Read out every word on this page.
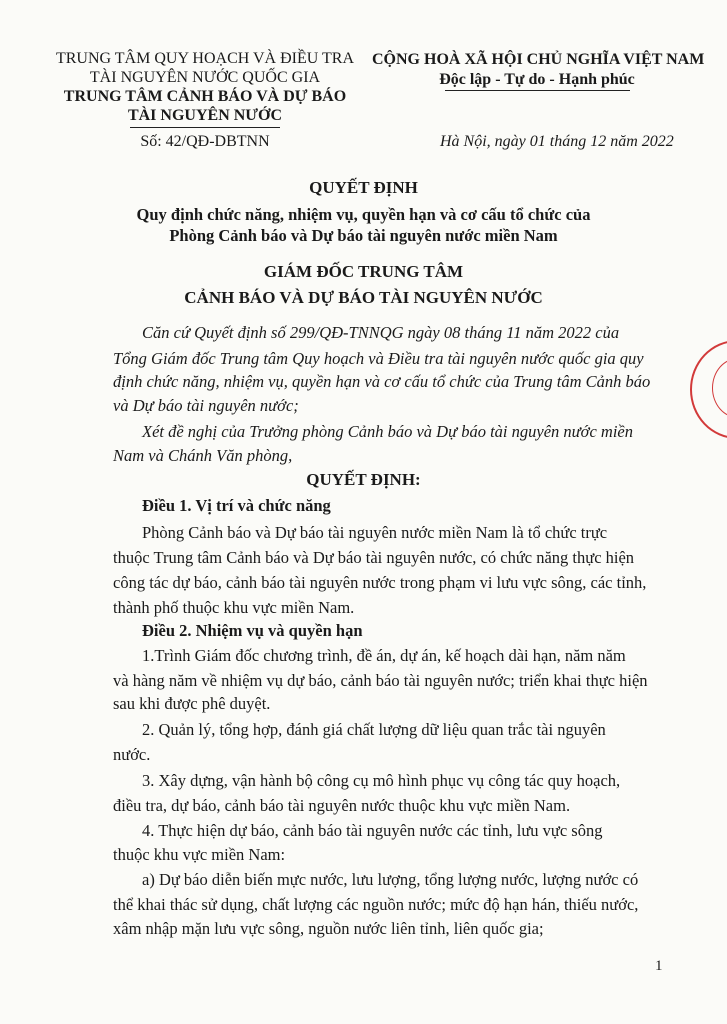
TRUNG TÂM QUY HOẠCH VÀ ĐIỀU TRA
TÀI NGUYÊN NƯỚC QUỐC GIA
TRUNG TÂM CẢNH BÁO VÀ DỰ BÁO
TÀI NGUYÊN NƯỚC
Số: 42/QĐ-DBTNN
CỘNG HOÀ XÃ HỘI CHỦ NGHĨA VIỆT NAM
Độc lập - Tự do - Hạnh phúc
Hà Nội, ngày 01 tháng 12 năm 2022
QUYẾT ĐỊNH
Quy định chức năng, nhiệm vụ, quyền hạn và cơ cấu tổ chức của
Phòng Cảnh báo và Dự báo tài nguyên nước miền Nam
GIÁM ĐỐC TRUNG TÂM
CẢNH BÁO VÀ DỰ BÁO TÀI NGUYÊN NƯỚC
Căn cứ Quyết định số 299/QĐ-TNNQG ngày 08 tháng 11 năm 2022 của
Tổng Giám đốc Trung tâm Quy hoạch và Điều tra tài nguyên nước quốc gia quy
định chức năng, nhiệm vụ, quyền hạn và cơ cấu tổ chức của Trung tâm Cảnh báo
và Dự báo tài nguyên nước;
Xét đề nghị của Trưởng phòng Cảnh báo và Dự báo tài nguyên nước miền
Nam và Chánh Văn phòng,
QUYẾT ĐỊNH:
Điều 1. Vị trí và chức năng
Phòng Cảnh báo và Dự báo tài nguyên nước miền Nam là tổ chức trực
thuộc Trung tâm Cảnh báo và Dự báo tài nguyên nước, có chức năng thực hiện
công tác dự báo, cảnh báo tài nguyên nước trong phạm vi lưu vực sông, các tỉnh,
thành phố thuộc khu vực miền Nam.
Điều 2. Nhiệm vụ và quyền hạn
1.Trình Giám đốc chương trình, đề án, dự án, kế hoạch dài hạn, năm năm
và hàng năm về nhiệm vụ dự báo, cảnh báo tài nguyên nước; triển khai thực hiện
sau khi được phê duyệt.
2. Quản lý, tổng hợp, đánh giá chất lượng dữ liệu quan trắc tài nguyên
nước.
3. Xây dựng, vận hành bộ công cụ mô hình phục vụ công tác quy hoạch,
điều tra, dự báo, cảnh báo tài nguyên nước thuộc khu vực miền Nam.
4. Thực hiện dự báo, cảnh báo tài nguyên nước các tỉnh, lưu vực sông
thuộc khu vực miền Nam:
a) Dự báo diễn biến mực nước, lưu lượng, tổng lượng nước, lượng nước có
thể khai thác sử dụng, chất lượng các nguồn nước; mức độ hạn hán, thiếu nước,
xâm nhập mặn lưu vực sông, nguồn nước liên tỉnh, liên quốc gia;
1
